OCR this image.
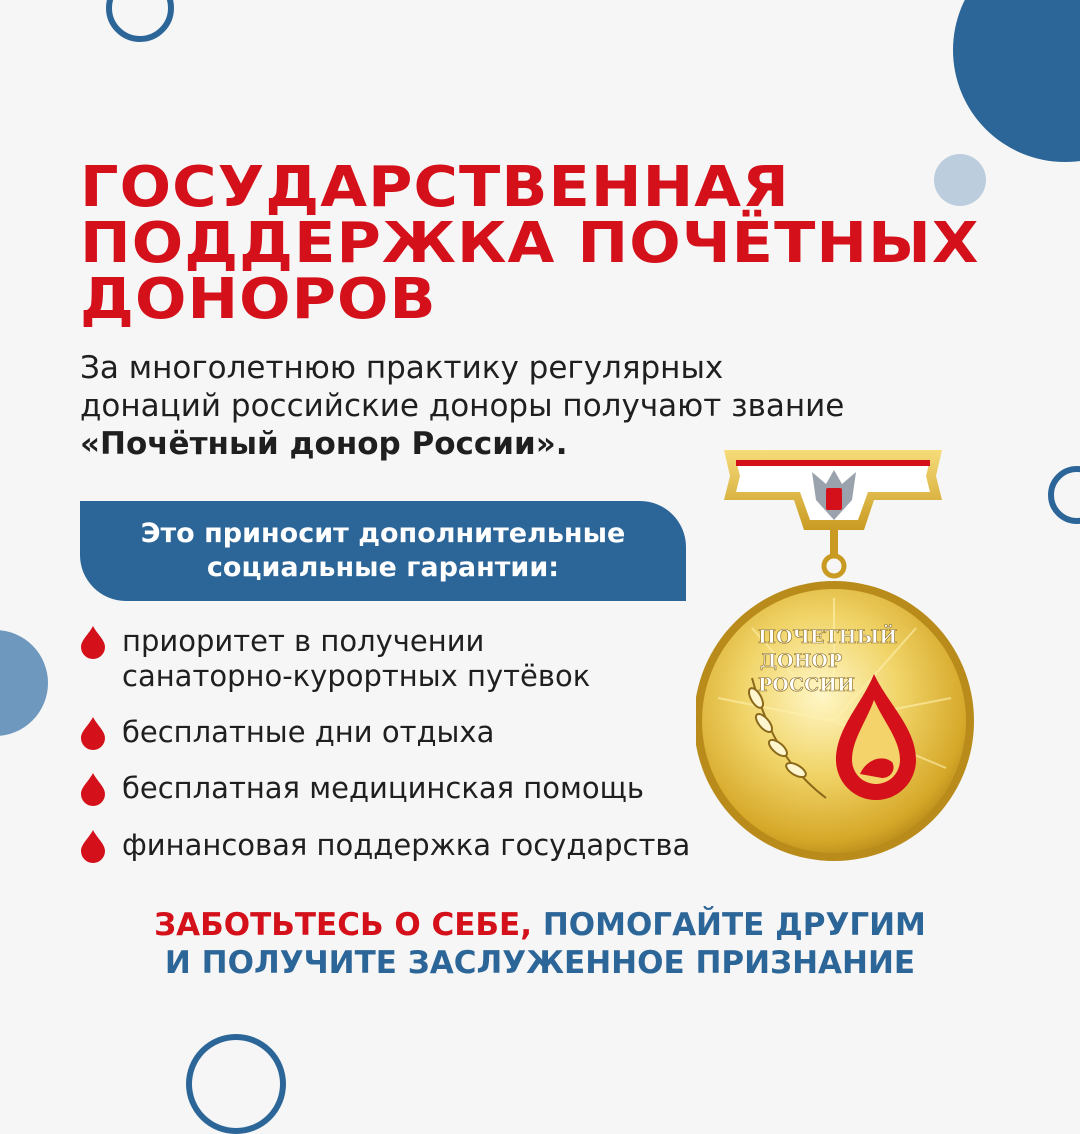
ГОСУДАРСТВЕННАЯ
ПОДДЕРЖКА ПОЧЁТНЫХ
ДОНОРОВ
За многолетнюю практику регулярных
донаций российские доноры получают звание
«Почётный донор России».
Это приносит дополнительные
социальные гарантии:
приоритет в получении
санаторно-курортных путёвок
бесплатные дни отдыха
бесплатная медицинская помощь
финансовая поддержка государства
ПОЧЕТНЫЙ
ДОНОР
РОССИИ
ЗАБОТЬТЕСЬ О СЕБЕ, ПОМОГАЙТЕ ДРУГИМ
И ПОЛУЧИТЕ ЗАСЛУЖЕННОЕ ПРИЗНАНИЕ
